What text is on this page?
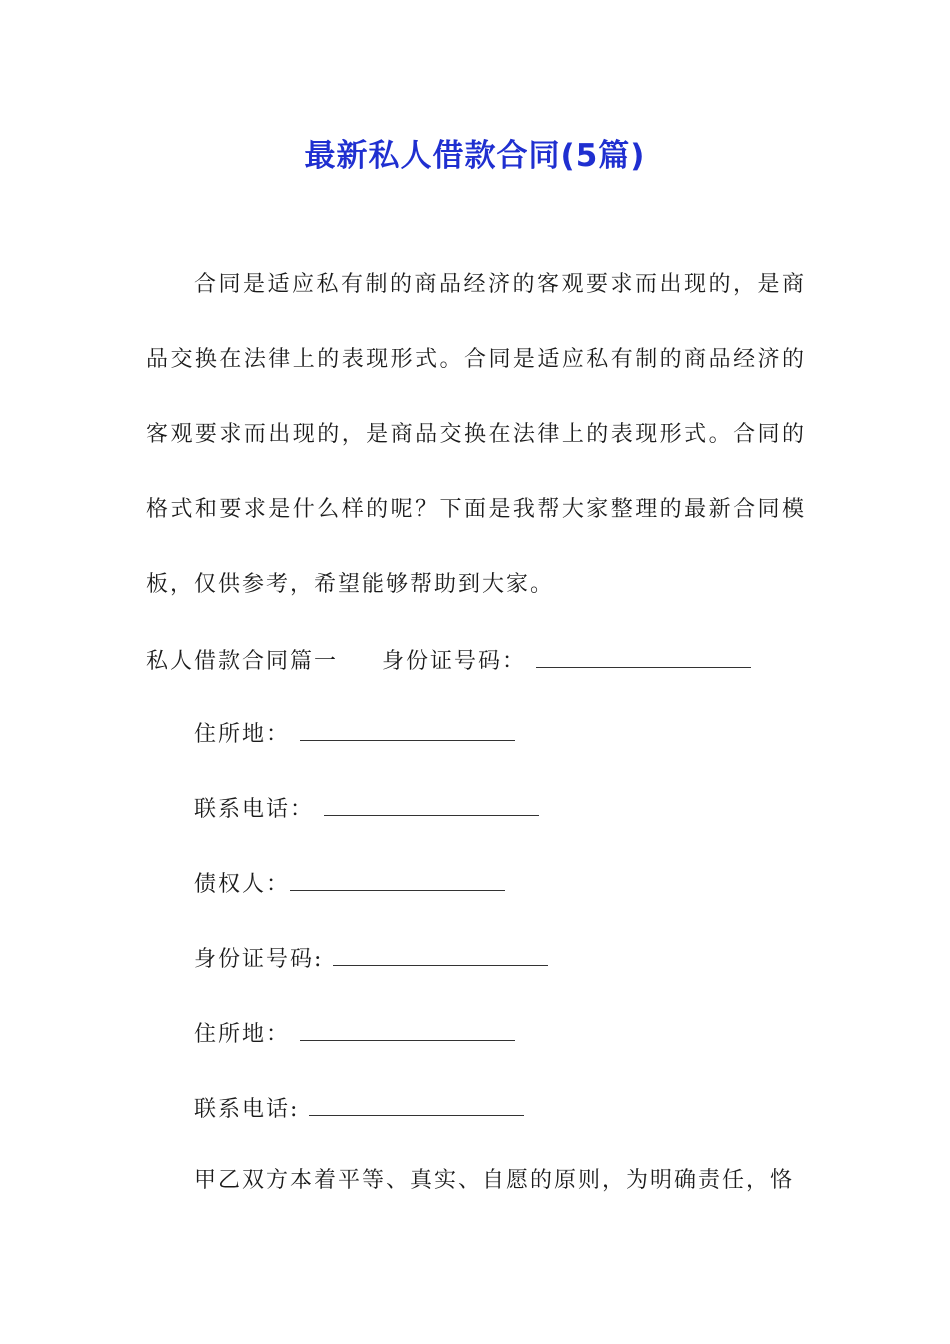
最新私人借款合同(5篇)

合同是适应私有制的商品经济的客观要求而出现的，是商品交换在法律上的表现形式。合同是适应私有制的商品经济的客观要求而出现的，是商品交换在法律上的表现形式。合同的格式和要求是什么样的呢？下面是我帮大家整理的最新合同模板，仅供参考，希望能够帮助到大家。

私人借款合同篇一 身份证号码：
住所地：
联系电话：
债权人：
身份证号码:
住所地：
联系电话:
甲乙双方本着平等、真实、自愿的原则，为明确责任，恪
